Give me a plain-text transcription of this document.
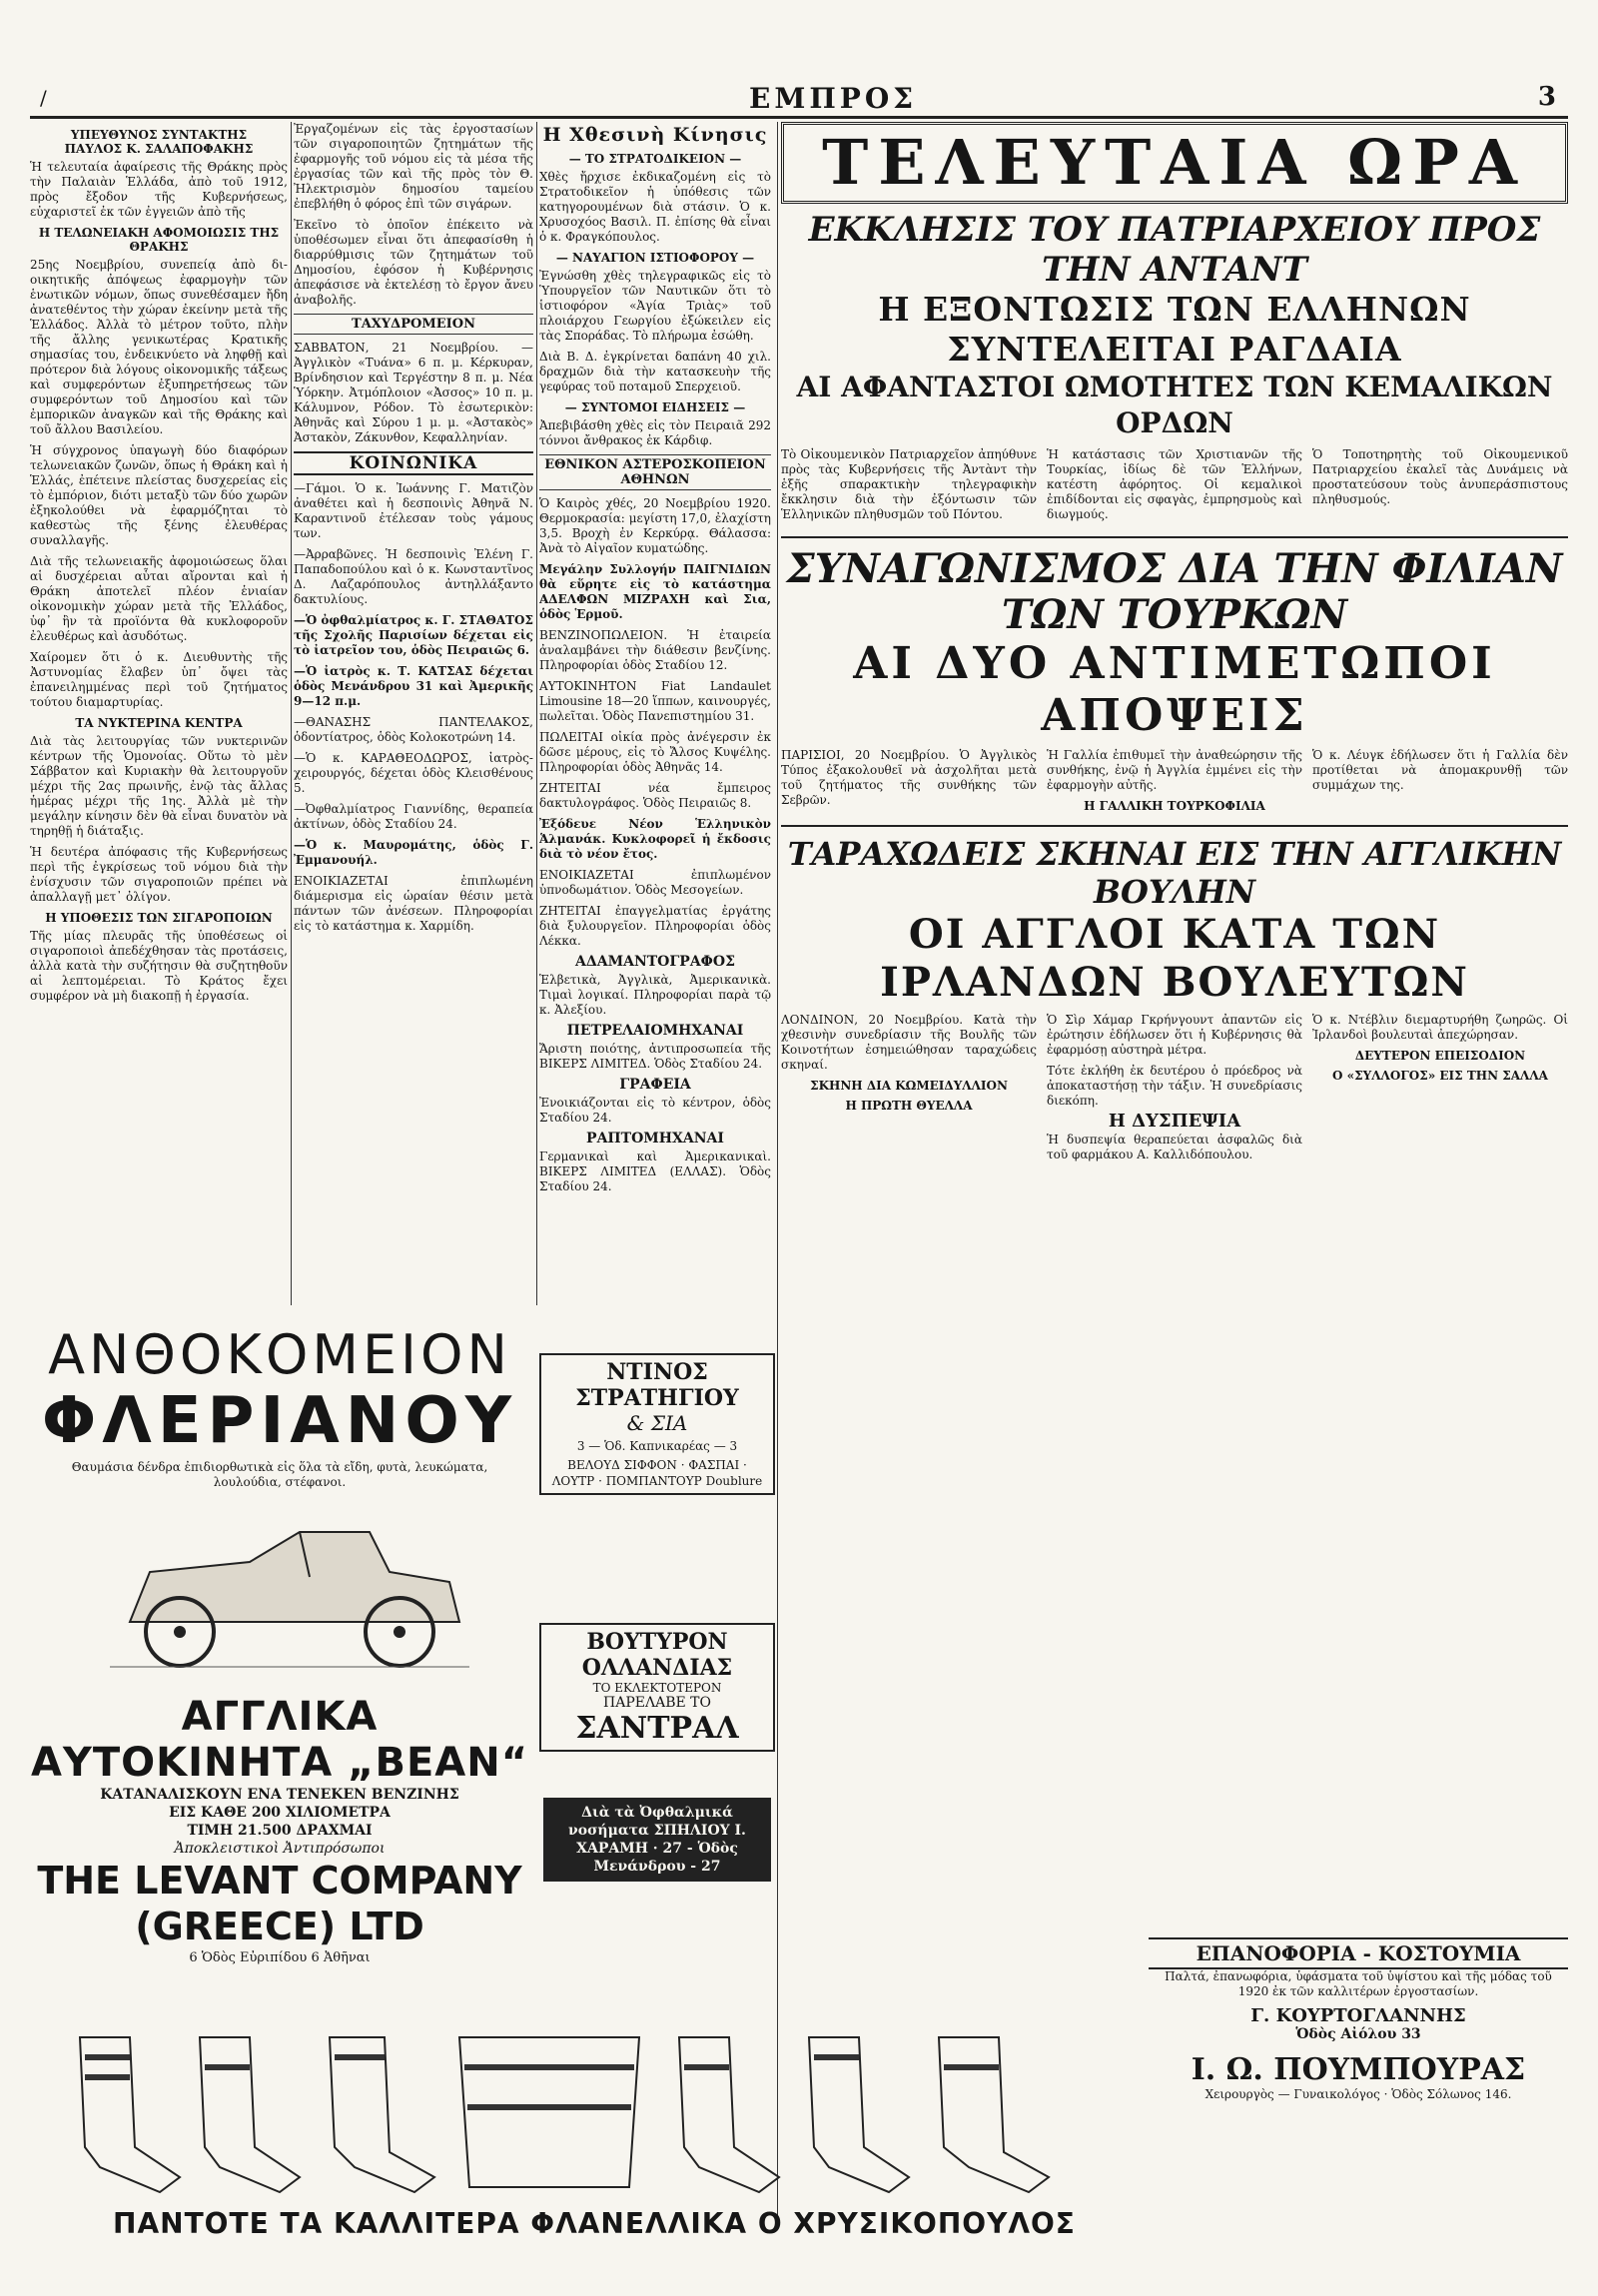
/	ΕΜΠΡΟΣ	3
ΥΠΕΥΘΥΝΟΣ ΣΥΝΤΑΚΤΗΣ
ΠΑΥΛΟΣ Κ. ΣΑΛΑΠΟΦΑΚΗΣ

Ἡ τελευταία ἀφαίρεσις τῆς Θράκης πρὸς τὴν Παλαιὰν Ἑλλάδα, ἀπὸ τοῦ 1912, πρὸς ἔξοδον τῆς Κυβερνήσεως, εὐχαριστεῖ ἐκ τῶν ἐγγειῶν ἀπὸ τῆς

Η ΤΕΛΩΝΕΙΑΚΗ ΑΦΟΜΟΙΩΣΙΣ ΤΗΣ ΘΡΑΚΗΣ

25ης Νοεμβρίου, συνεπείᾳ ἀπὸ δι-οικητικῆς ἀπόψεως ἐφαρμογὴν τῶν ἑνωτικῶν νόμων, ὅπως συνεθέσαμεν ἤδη ἀνατεθέντος τὴν χώραν ἐκείνην μετὰ τῆς Ἑλλάδος. Ἀλλὰ τὸ μέτρον τοῦτο, πλὴν τῆς ἄλλης γενικωτέρας Κρατικῆς σημασίας του, ἐνδεικνύετο νὰ ληφθῇ καὶ πρότερον διὰ λόγους οἰκονομικῆς τάξεως καὶ συμφερόντων ἐξυπηρετήσεως τῶν συμφερόντων τοῦ Δημοσίου καὶ τῶν ἐμπορικῶν ἀναγκῶν καὶ τῆς Θράκης καὶ τοῦ ἄλλου Βασιλείου.

Ἡ σύγχρονος ὑπαγωγὴ δύο διαφόρων τελωνειακῶν ζωνῶν, ὅπως ἡ Θράκη καὶ ἡ Ἑλλάς, ἐπέτεινε πλείστας δυσχερείας εἰς τὸ ἐμπόριον, διότι μεταξὺ τῶν δύο χωρῶν ἐξηκολούθει νὰ ἐφαρμόζηται τὸ καθεστὼς τῆς ξένης ἐλευθέρας συναλλαγῆς.

Διὰ τῆς τελωνειακῆς ἀφομοιώσεως ὅλαι αἱ δυσχέρειαι αὗται αἴρονται καὶ ἡ Θράκη ἀποτελεῖ πλέον ἑνιαίαν οἰκονομικὴν χώραν μετὰ τῆς Ἑλλάδος, ὑφ᾽ ἣν τὰ προϊόντα θὰ κυκλοφοροῦν ἐλευθέρως καὶ ἀσυδότως.

Χαίρομεν ὅτι ὁ κ. Διευθυντὴς τῆς Ἀστυνομίας ἔλαβεν ὑπ᾽ ὄψει τὰς ἐπανειλημμένας περὶ τοῦ ζητήματος τούτου διαμαρτυρίας.

ΤΑ ΝΥΚΤΕΡΙΝΑ ΚΕΝΤΡΑ

Διὰ τὰς λειτουργίας τῶν νυκτερινῶν κέντρων τῆς Ὁμονοίας. Οὕτω τὸ μὲν Σάββατον καὶ Κυριακὴν θὰ λειτουργοῦν μέχρι τῆς 2ας πρωινῆς, ἐνῷ τὰς ἄλλας ἡμέρας μέχρι τῆς 1ης. Ἀλλὰ μὲ τὴν μεγάλην κίνησιν δὲν θὰ εἶναι δυνατὸν νὰ τηρηθῇ ἡ διάταξις.

Ἡ δευτέρα ἀπόφασις τῆς Κυβερνήσεως περὶ τῆς ἐγκρίσεως τοῦ νόμου διὰ τὴν ἐνίσχυσιν τῶν σιγαροποιῶν πρέπει νὰ ἀπαλλαγῇ μετ᾽ ὀλίγον.

Η ΥΠΟΘΕΣΙΣ ΤΩΝ ΣΙΓΑΡΟΠΟΙΩΝ

Τῆς μίας πλευρᾶς τῆς ὑποθέσεως οἱ σιγαροποιοὶ ἀπεδέχθησαν τὰς προτάσεις, ἀλλὰ κατὰ τὴν συζήτησιν θὰ συζητηθοῦν αἱ λεπτομέρειαι. Τὸ Κράτος ἔχει συμφέρον νὰ μὴ διακοπῇ ἡ ἐργασία.

Ἐργαζομένων εἰς τὰς ἐργοστασίων τῶν σιγαροποιητῶν ζητημάτων τῆς ἐφαρμογῆς τοῦ νόμου εἰς τὰ μέσα τῆς ἐργασίας τῶν καὶ τῆς πρὸς τὸν Θ. Ἠλεκτρισμὸν δημοσίου ταμείου ἐπεβλήθη ὁ φόρος ἐπὶ τῶν σιγάρων.

Ἐκεῖνο τὸ ὁποῖον ἐπέκειτο νὰ ὑποθέσωμεν εἶναι ὅτι ἀπεφασίσθη ἡ διαρρύθμισις τῶν ζητημάτων τοῦ Δημοσίου, ἐφόσον ἡ Κυβέρνησις ἀπεφάσισε νὰ ἐκτελέσῃ τὸ ἔργον ἄνευ ἀναβολῆς.

ΤΑΧΥΔΡΟΜΕΙΟΝ

ΣΑΒΒΑΤΟΝ, 21 Νοεμβρίου. — Ἀγγλικὸν «Τυάνα» 6 π. μ. Κέρκυραν, Βρίνδησιον καὶ Τεργέστην 8 π. μ. Νέα Ὑόρκην. Ἀτμόπλοιον «Ἀσσος» 10 π. μ. Κάλυμνον, Ρόδον. Τὸ ἐσωτερικὸν: Ἀθηνᾶς καὶ Σύρου 1 μ. μ. «Ἀστακὸς» Ἀστακὸν, Ζάκυνθον, Κεφαλληνίαν.

ΚΟΙΝΩΝΙΚΑ

—Γάμοι. Ὁ κ. Ἰωάννης Γ. Ματιζὸν ἀναθέτει καὶ ἡ δεσποινὶς Ἀθηνᾶ Ν. Καραντινοῦ ἐτέλεσαν τοὺς γάμους των.

—Ἀρραβῶνες. Ἡ δεσποινὶς Ἐλένη Γ. Παπαδοπούλου καὶ ὁ κ. Κωνσταντῖνος Δ. Λαζαρόπουλος ἀντηλλάξαντο δακτυλίους.

—Ὁ ὀφθαλμίατρος κ. Γ. ΣΤΑΘΑΤΟΣ τῆς Σχολῆς Παρισίων δέχεται εἰς τὸ ἰατρεῖον του, ὁδὸς Πειραιῶς 6.

—Ὁ ἰατρὸς κ. Τ. ΚΑΤΣΑΣ δέχεται ὁδὸς Μενάνδρου 31 καὶ Ἀμερικῆς 9—12 π.μ.

—ΘΑΝΑΣΗΣ ΠΑΝΤΕΛΑΚΟΣ, ὁδοντίατρος, ὁδὸς Κολοκοτρώνη 14.

—Ὁ κ. ΚΑΡΑΘΕΟΔΩΡΟΣ, ἰατρὸς-χειρουργός, δέχεται ὁδὸς Κλεισθένους 5.

—Ὀφθαλμίατρος Γιαννίδης, θεραπεία ἀκτίνων, ὁδὸς Σταδίου 24.

—Ὁ κ. Μαυρομάτης, ὁδὸς Γ. Ἐμμανουήλ.

ΕΝΟΙΚΙΑΖΕΤΑΙ ἐπιπλωμένη διάμερισμα εἰς ὡραίαν θέσιν μετὰ πάντων τῶν ἀνέσεων. Πληροφορίαι εἰς τὸ κατάστημα κ. Χαρμίδη.

Η Χθεσινὴ Κίνησις
— ΤΟ ΣΤΡΑΤΟΔΙΚΕΙΟΝ —

Χθὲς ἤρχισε ἐκδικαζομένη εἰς τὸ Στρατοδικεῖον ἡ ὑπόθεσις τῶν κατηγορουμένων διὰ στάσιν. Ὁ κ. Χρυσοχόος Βασιλ. Π. ἐπίσης θὰ εἶναι ὁ κ. Φραγκόπουλος.

— ΝΑΥΑΓΙΟΝ ΙΣΤΙΟΦΟΡΟΥ —

Ἐγνώσθη χθὲς τηλεγραφικῶς εἰς τὸ Ὑπουργεῖον τῶν Ναυτικῶν ὅτι τὸ ἱστιοφόρον «Ἀγία Τριὰς» τοῦ πλοιάρχου Γεωργίου ἐξώκειλεν εἰς τὰς Σποράδας. Τὸ πλήρωμα ἐσώθη.

Διὰ Β. Δ. ἐγκρίνεται δαπάνη 40 χιλ. δραχμῶν διὰ τὴν κατασκευὴν τῆς γεφύρας τοῦ ποταμοῦ Σπερχειοῦ.

— ΣΥΝΤΟΜΟΙ ΕΙΔΗΣΕΙΣ —

Ἀπεβιβάσθη χθὲς εἰς τὸν Πειραιᾶ 292 τόννοι ἄνθρακος ἐκ Κάρδιφ.

ΕΘΝΙΚΟΝ ΑΣΤΕΡΟΣΚΟΠΕΙΟΝ ΑΘΗΝΩΝ

Ὁ Καιρὸς χθές, 20 Νοεμβρίου 1920. Θερμοκρασία: μεγίστη 17,0, ἐλαχίστη 3,5. Βροχὴ ἐν Κερκύρᾳ. Θάλασσα: Ἀνὰ τὸ Αἰγαῖον κυματώδης.

Μεγάλην Συλλογήν ΠΑΙΓΝΙΔΙΩΝ θὰ εὕρητε εἰς τὸ κατάστημα ΑΔΕΛΦΩΝ ΜΙΖΡΑΧΗ καὶ Σια, ὁδὸς Ἑρμοῦ.

ΒΕΝΖΙΝΟΠΩΛΕΙΟΝ. Ἡ ἐταιρεία ἀναλαμβάνει τὴν διάθεσιν βενζίνης. Πληροφορίαι ὁδὸς Σταδίου 12.

ΑΥΤΟΚΙΝΗΤΟΝ Fiat Landaulet Limousine 18—20 ἵππων, καινουργές, πωλεῖται. Ὁδὸς Πανεπιστημίου 31.

ΠΩΛΕΙΤΑΙ οἰκία πρὸς ἀνέγερσιν ἐκ δῶσε μέρους, εἰς τὸ Ἄλσος Κυψέλης. Πληροφορίαι ὁδὸς Ἀθηνᾶς 14.

ΖΗΤΕΙΤΑΙ νέα ἔμπειρος δακτυλογράφος. Ὁδὸς Πειραιῶς 8.

Ἐξόδευε Νέον Ἑλληνικὸν Ἁλμανάκ. Κυκλοφορεῖ ἡ ἔκδοσις διὰ τὸ νέον ἔτος.

ΕΝΟΙΚΙΑΖΕΤΑΙ ἐπιπλωμένον ὑπνοδωμάτιον. Ὁδὸς Μεσογείων.

ΖΗΤΕΙΤΑΙ ἐπαγγελματίας ἐργάτης διὰ ξυλουργεῖον. Πληροφορίαι ὁδὸς Λέκκα.

ΑΔΑΜΑΝΤΟΓΡΑΦΟΣ

Ἑλβετικὰ, Ἀγγλικὰ, Ἀμερικανικὰ. Τιμαὶ λογικαί. Πληροφορίαι παρὰ τῷ κ. Ἀλεξίου.

ΠΕΤΡΕΛΑΙΟΜΗΧΑΝΑΙ

Ἄριστη ποιότης, ἀντιπροσωπεία τῆς ΒΙΚΕΡΣ ΛΙΜΙΤΕΔ. Ὁδὸς Σταδίου 24.

ΓΡΑΦΕΙΑ

Ἐνοικιάζονται εἰς τὸ κέντρον, ὁδὸς Σταδίου 24.

ΡΑΠΤΟΜΗΧΑΝΑΙ

Γερμανικαὶ καὶ Ἀμερικανικαὶ. ΒΙΚΕΡΣ ΛΙΜΙΤΕΔ (ΕΛΛΑΣ). Ὁδὸς Σταδίου 24.

ΤΕΛΕΥΤΑΙΑ ΩΡΑ
ΕΚΚΛΗΣΙΣ ΤΟΥ ΠΑΤΡΙΑΡΧΕΙΟΥ ΠΡΟΣ ΤΗΝ ΑΝΤΑΝΤ
Η ΕΞΟΝΤΩΣΙΣ ΤΩΝ ΕΛΛΗΝΩΝ ΣΥΝΤΕΛΕΙΤΑΙ ΡΑΓΔΑΙΑ
ΑΙ ΑΦΑΝΤΑΣΤΟΙ ΩΜΟΤΗΤΕΣ ΤΩΝ ΚΕΜΑΛΙΚΩΝ ΟΡΔΩΝ

Τὸ Οἰκουμενικὸν Πατριαρχεῖον ἀπηύθυνε πρὸς τὰς Κυβερνήσεις τῆς Ἀντὰντ τὴν ἑξῆς σπαρακτικὴν τηλεγραφικὴν ἔκκλησιν διὰ τὴν ἐξόντωσιν τῶν Ἑλληνικῶν πληθυσμῶν τοῦ Πόντου.

Ἡ κατάστασις τῶν Χριστιανῶν τῆς Τουρκίας, ἰδίως δὲ τῶν Ἑλλήνων, κατέστη ἀφόρητος. Οἱ κεμαλικοὶ ἐπιδίδονται εἰς σφαγὰς, ἐμπρησμοὺς καὶ διωγμούς.

Ὁ Τοποτηρητὴς τοῦ Οἰκουμενικοῦ Πατριαρχείου ἐκαλεῖ τὰς Δυνάμεις νὰ προστατεύσουν τοὺς ἀνυπεράσπιστους πληθυσμούς.

ΣΥΝΑΓΩΝΙΣΜΟΣ ΔΙΑ ΤΗΝ ΦΙΛΙΑΝ ΤΩΝ ΤΟΥΡΚΩΝ
ΑΙ ΔΥΟ ΑΝΤΙΜΕΤΩΠΟΙ ΑΠΟΨΕΙΣ

ΠΑΡΙΣΙΟΙ, 20 Νοεμβρίου. Ὁ Ἀγγλικὸς Τύπος ἐξακολουθεῖ νὰ ἀσχολῆται μετὰ τοῦ ζητήματος τῆς συνθήκης τῶν Σεβρῶν.

Ἡ Γαλλία ἐπιθυμεῖ τὴν ἀναθεώρησιν τῆς συνθήκης, ἐνῷ ἡ Ἀγγλία ἐμμένει εἰς τὴν ἐφαρμογὴν αὐτῆς.

Η ΓΑΛΛΙΚΗ ΤΟΥΡΚΟΦΙΛΙΑ

Ὁ κ. Λέυγκ ἐδήλωσεν ὅτι ἡ Γαλλία δὲν προτίθεται νὰ ἀπομακρυνθῇ τῶν συμμάχων της.

ΤΑΡΑΧΩΔΕΙΣ ΣΚΗΝΑΙ ΕΙΣ ΤΗΝ ΑΓΓΛΙΚΗΝ ΒΟΥΛΗΝ
ΟΙ ΑΓΓΛΟΙ ΚΑΤΑ ΤΩΝ ΙΡΛΑΝΔΩΝ ΒΟΥΛΕΥΤΩΝ

ΛΟΝΔΙΝΟΝ, 20 Νοεμβρίου. Κατὰ τὴν χθεσινὴν συνεδρίασιν τῆς Βουλῆς τῶν Κοινοτήτων ἐσημειώθησαν ταραχώδεις σκηναί.

ΣΚΗΝΗ ΔΙΑ ΚΩΜΕΙΔΥΛΛΙΟΝ
Η ΠΡΩΤΗ ΘΥΕΛΛΑ

Ὁ Σὶρ Χάμαρ Γκρήνγουντ ἀπαντῶν εἰς ἐρώτησιν ἐδήλωσεν ὅτι ἡ Κυβέρνησις θὰ ἐφαρμόσῃ αὐστηρὰ μέτρα.

Τότε ἐκλήθη ἐκ δευτέρου ὁ πρόεδρος νὰ ἀποκαταστήσῃ τὴν τάξιν. Ἡ συνεδρίασις διεκόπη.

Η ΔΥΣΠΕΨΙΑ

Ἡ δυσπεψία θεραπεύεται ἀσφαλῶς διὰ τοῦ φαρμάκου Α. Καλλιδόπουλου.

Ὁ κ. Ντέβλιν διεμαρτυρήθη ζωηρῶς. Οἱ Ἰρλανδοὶ βουλευταὶ ἀπεχώρησαν.

ΔΕΥΤΕΡΟΝ ΕΠΕΙΣΟΔΙΟΝ
Ο «ΣΥΛΛΟΓΟΣ» ΕΙΣ ΤΗΝ ΣΑΛΛΑ
ΑΝΘΟΚΟΜΕΙΟΝ
ΦΛΕΡΙΑΝΟΥ
Θαυμάσια δένδρα ἐπιδιορθωτικὰ εἰς ὅλα τὰ εἴδη, φυτὰ, λευκώματα, λουλούδια, στέφανοι.
ΑΓΓΛΙΚΑ ΑΥΤΟΚΙΝΗΤΑ „BEAN“
ΚΑΤΑΝΑΛΙΣΚΟΥΝ ΕΝΑ ΤΕΝΕΚΕΝ ΒΕΝΖΙΝΗΣ
ΕΙΣ ΚΑΘΕ 200 ΧΙΛΙΟΜΕΤΡΑ
ΤΙΜΗ 21.500 ΔΡΑΧΜΑΙ
Ἀποκλειστικοὶ Ἀντιπρόσωποι
THE LEVANT COMPANY (GREECE) LTD
6 Ὁδὸς Εὐριπίδου 6 Ἀθῆναι
ΠΑΝΤΟΤΕ ΤΑ ΚΑΛΛΙΤΕΡΑ ΦΛΑΝΕΛΛΙΚΑ Ο ΧΡΥΣΙΚΟΠΟΥΛΟΣ
ΝΤΙΝΟΣ ΣΤΡΑΤΗΓΙΟΥ
& ΣΙΑ
3 — Ὁδ. Καπνικαρέας — 3
ΒΕΛΟΥΔ ΣΙΦΦΟΝ · ΦΑΣΠΑΙ · ΛΟΥΤΡ · ΠΟΜΠΑΝΤΟΥΡ Doublure
ΒΟΥΤΥΡΟΝ ΟΛΛΑΝΔΙΑΣ
ΤΟ ΕΚΛΕΚΤΟΤΕΡΟΝ
ΠΑΡΕΛΑΒΕ ΤΟ
ΣΑΝΤΡΑΛ
Διὰ τὰ Ὀφθαλμικά νοσήματα ΣΠΗΛΙΟΥ Ι. ΧΑΡΑΜΗ · 27 - Ὁδὸς Μενάνδρου - 27
ΕΠΑΝΟΦΟΡΙΑ - ΚΟΣΤΟΥΜΙΑ

Παλτά, ἐπανωφόρια, ὑφάσματα τοῦ ὑψίστου καὶ τῆς μόδας τοῦ 1920 ἐκ τῶν καλλιτέρων ἐργοστασίων.

Γ. ΚΟΥΡΤΟΓΛΑΝΝΗΣ
Ὁδὸς Αἰόλου 33
Ι. Ω. ΠΟΥΜΠΟΥΡΑΣ
Χειρουργὸς — Γυναικολόγος · Ὁδὸς Σόλωνος 146.
